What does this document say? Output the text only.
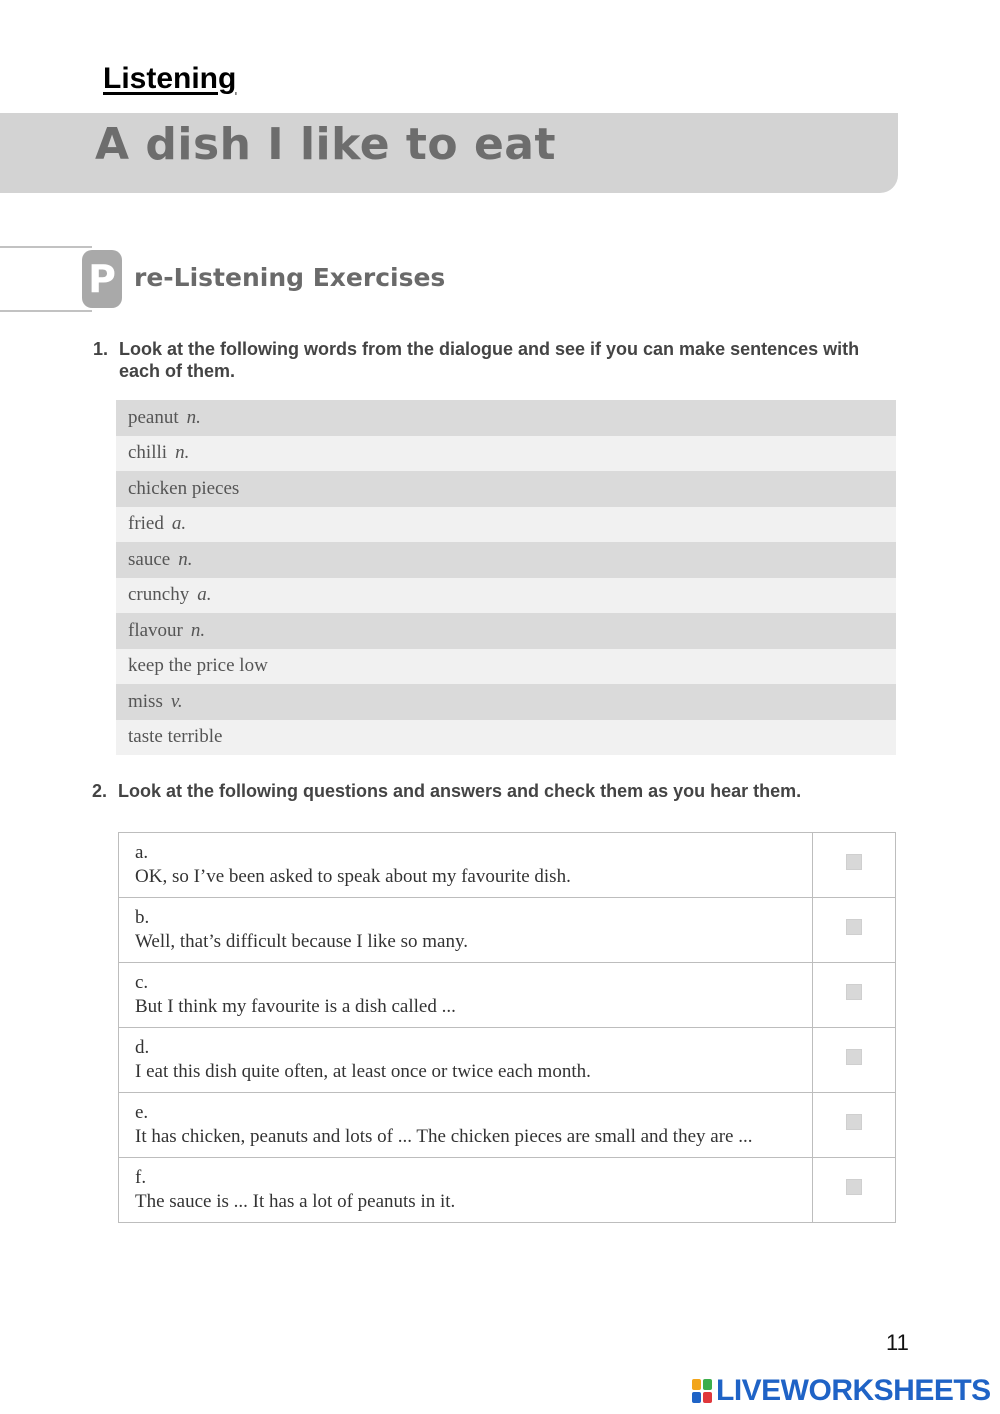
Listening
A dish I like to eat
P re-Listening Exercises
1. Look at the following words from the dialogue and see if you can make sentences with each of them.
peanut n.
chilli n.
chicken pieces
fried a.
sauce n.
crunchy a.
flavour n.
keep the price low
miss v.
taste terrible
2. Look at the following questions and answers and check them as you hear them.
a.OK, so I’ve been asked to speak about my favourite dish.	
b.Well, that’s difficult because I like so many.	
c.But I think my favourite is a dish called ...	
d.I eat this dish quite often, at least once or twice each month.	
e.It has chicken, peanuts and lots of ... The chicken pieces are small and they are ...	
f.The sauce is ... It has a lot of peanuts in it.	
11
LIVEWORKSHEETS
